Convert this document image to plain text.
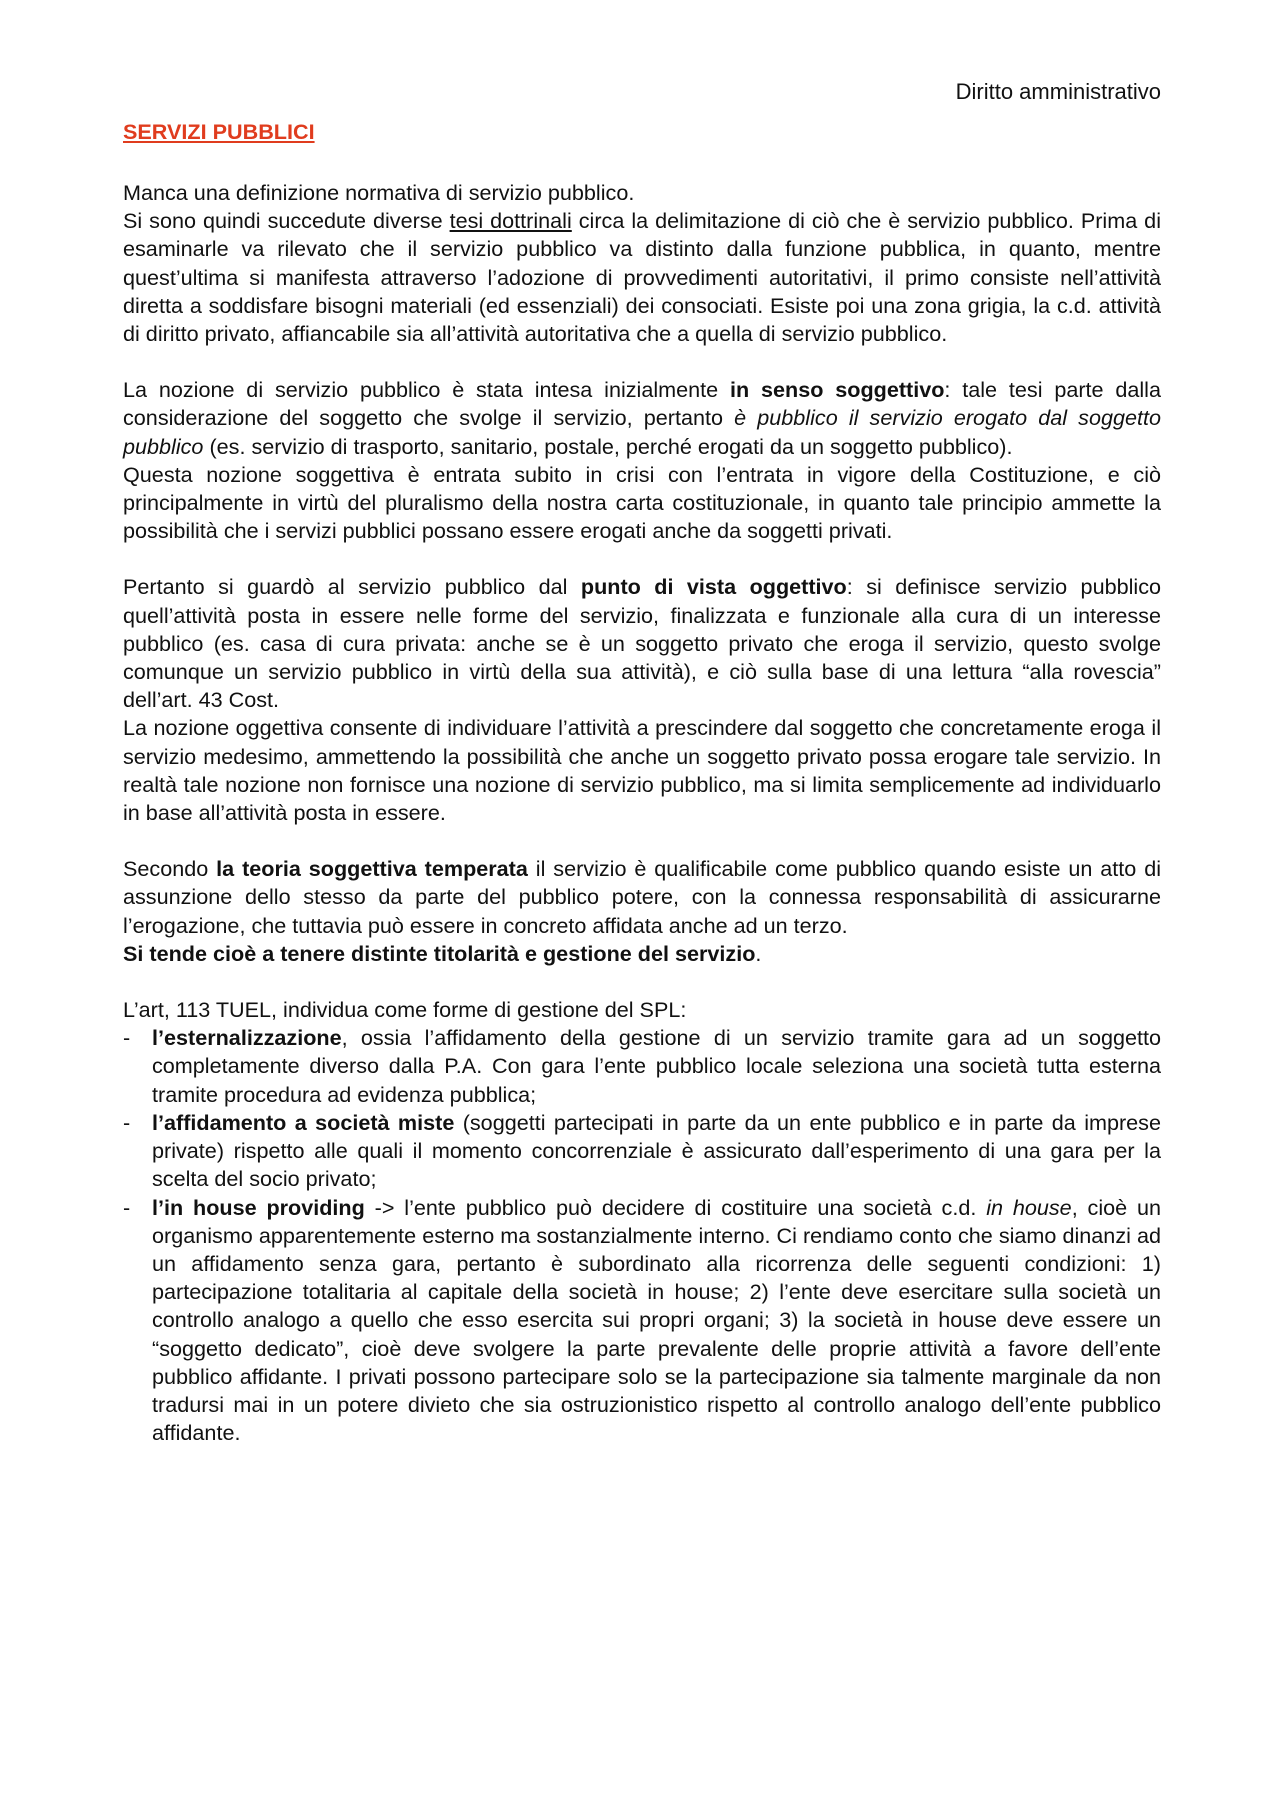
Diritto amministrativo

SERVIZI PUBBLICI

Manca una definizione normativa di servizio pubblico.

Si sono quindi succedute diverse tesi dottrinali circa la delimitazione di ciò che è servizio pubblico. Prima di esaminarle va rilevato che il servizio pubblico va distinto dalla funzione pubblica, in quanto, mentre quest’ultima si manifesta attraverso l’adozione di provvedimenti autoritativi, il primo consiste nell’attività diretta a soddisfare bisogni materiali (ed essenziali) dei consociati. Esiste poi una zona grigia, la c.d. attività di diritto privato, affiancabile sia all’attività autoritativa che a quella di servizio pubblico.

La nozione di servizio pubblico è stata intesa inizialmente in senso soggettivo: tale tesi parte dalla considerazione del soggetto che svolge il servizio, pertanto è pubblico il servizio erogato dal soggetto pubblico (es. servizio di trasporto, sanitario, postale, perché erogati da un soggetto pubblico).

Questa nozione soggettiva è entrata subito in crisi con l’entrata in vigore della Costituzione, e ciò principalmente in virtù del pluralismo della nostra carta costituzionale, in quanto tale principio ammette la possibilità che i servizi pubblici possano essere erogati anche da soggetti privati.

Pertanto si guardò al servizio pubblico dal punto di vista oggettivo: si definisce servizio pubblico quell’attività posta in essere nelle forme del servizio, finalizzata e funzionale alla cura di un interesse pubblico (es. casa di cura privata: anche se è un soggetto privato che eroga il servizio, questo svolge comunque un servizio pubblico in virtù della sua attività), e ciò sulla base di una lettura “alla rovescia” dell’art. 43 Cost.

La nozione oggettiva consente di individuare l’attività a prescindere dal soggetto che concretamente eroga il servizio medesimo, ammettendo la possibilità che anche un soggetto privato possa erogare tale servizio. In realtà tale nozione non fornisce una nozione di servizio pubblico, ma si limita semplicemente ad individuarlo in base all’attività posta in essere.

Secondo la teoria soggettiva temperata il servizio è qualificabile come pubblico quando esiste un atto di assunzione dello stesso da parte del pubblico potere, con la connessa responsabilità di assicurarne l’erogazione, che tuttavia può essere in concreto affidata anche ad un terzo.

Si tende cioè a tenere distinte titolarità e gestione del servizio.

L’art, 113 TUEL, individua come forme di gestione del SPL:

- l’esternalizzazione, ossia l’affidamento della gestione di un servizio tramite gara ad un soggetto completamente diverso dalla P.A. Con gara l’ente pubblico locale seleziona una società tutta esterna tramite procedura ad evidenza pubblica;
- l’affidamento a società miste (soggetti partecipati in parte da un ente pubblico e in parte da imprese private) rispetto alle quali il momento concorrenziale è assicurato dall’esperimento di una gara per la scelta del socio privato;
- l’in house providing -> l’ente pubblico può decidere di costituire una società c.d. in house, cioè un organismo apparentemente esterno ma sostanzialmente interno. Ci rendiamo conto che siamo dinanzi ad un affidamento senza gara, pertanto è subordinato alla ricorrenza delle seguenti condizioni: 1) partecipazione totalitaria al capitale della società in house; 2) l’ente deve esercitare sulla società un controllo analogo a quello che esso esercita sui propri organi; 3) la società in house deve essere un “soggetto dedicato”, cioè deve svolgere la parte prevalente delle proprie attività a favore dell’ente pubblico affidante. I privati possono partecipare solo se la partecipazione sia talmente marginale da non tradursi mai in un potere divieto che sia ostruzionistico rispetto al controllo analogo dell’ente pubblico affidante.
